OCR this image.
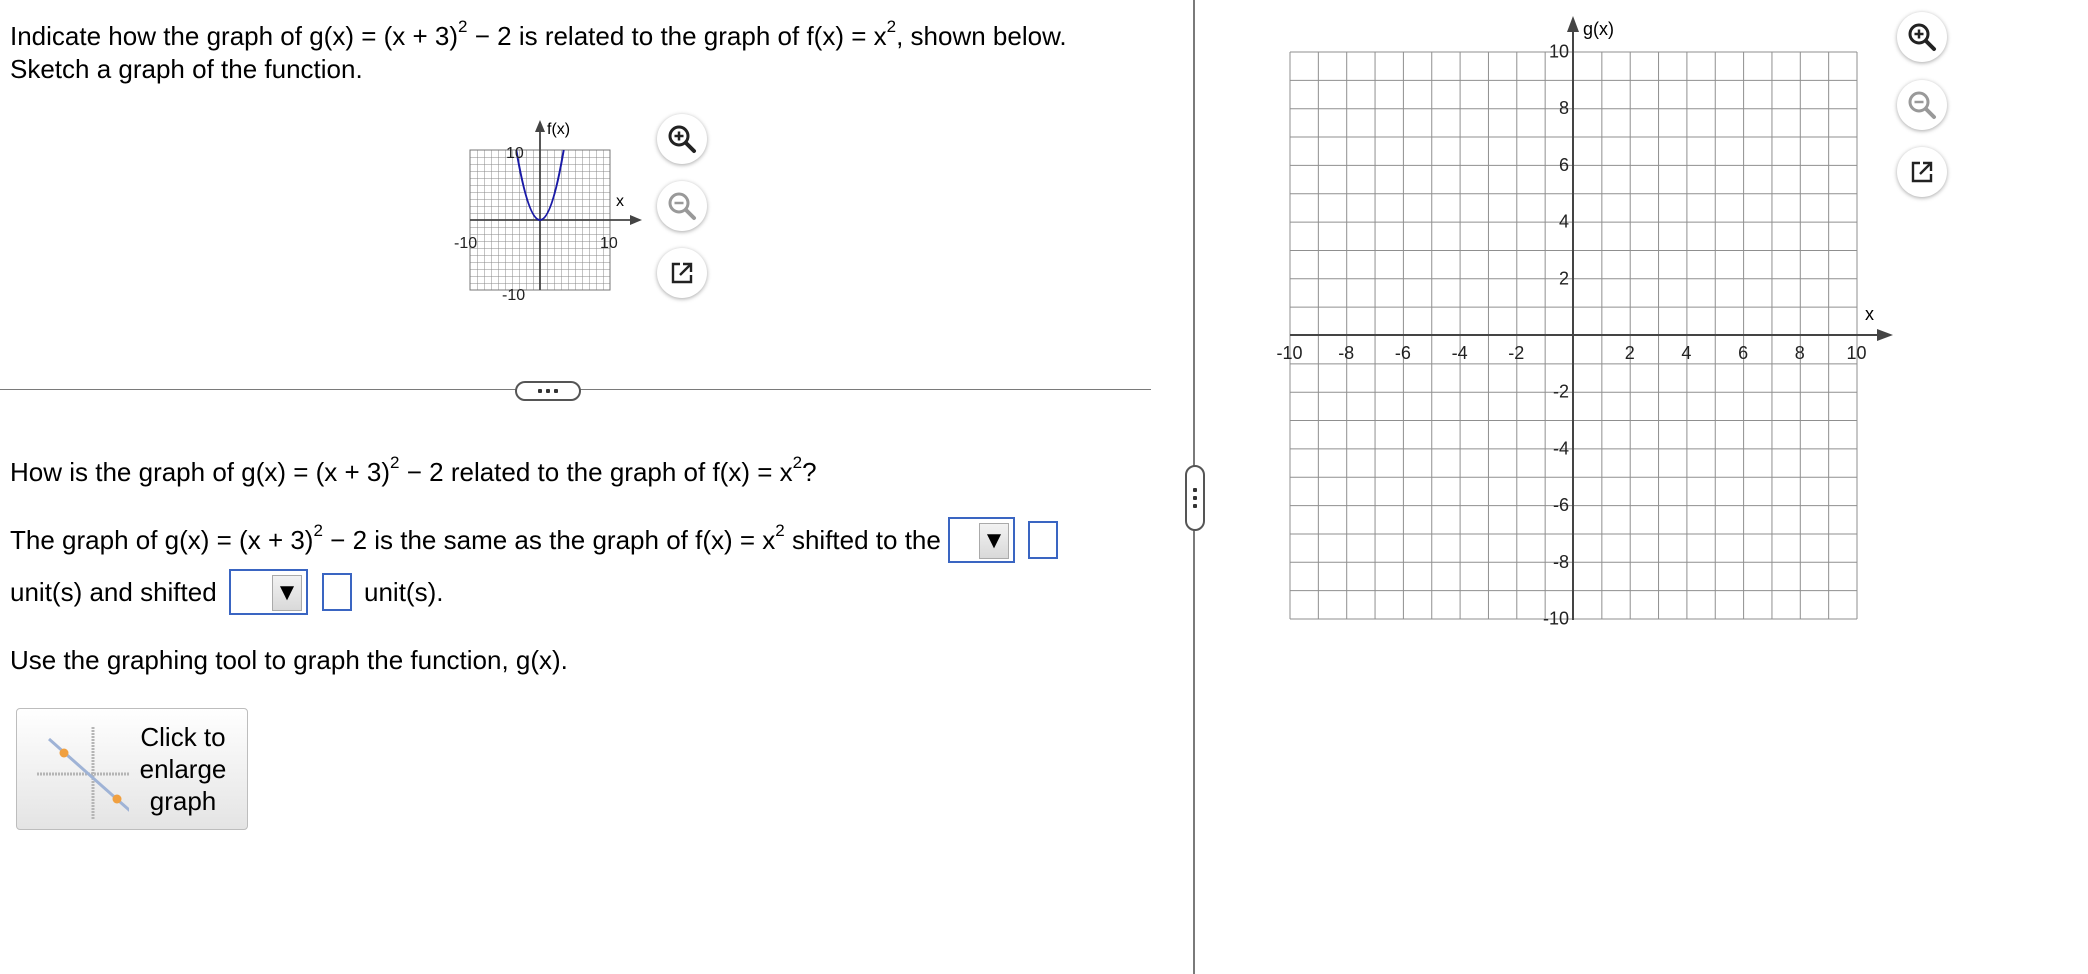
Indicate how the graph of $g(x) = (x + 3)^2 - 2$ is related to the graph of $f(x) = x^2$, shown below.
Sketch a graph of the function.
f(x)
x
-10	10
10
-10
How is the graph of $g(x) = (x + 3)^2 - 2$ related to the graph of $f(x) = x^2$?
The graph of $g(x) = (x + 3)^2 - 2$ is the same as the graph of $f(x) = x^2$ shifted to the ▼
unit(s) and shifted ▼	unit(s).
Use the graphing tool to graph the function, g(x).
Click to
enlarge
graph
-10 -8 -6 -4 -2	2	4	6	8 10
10
8
6
4
2
-2
-4
-6
-8
-10
g(x)
x
